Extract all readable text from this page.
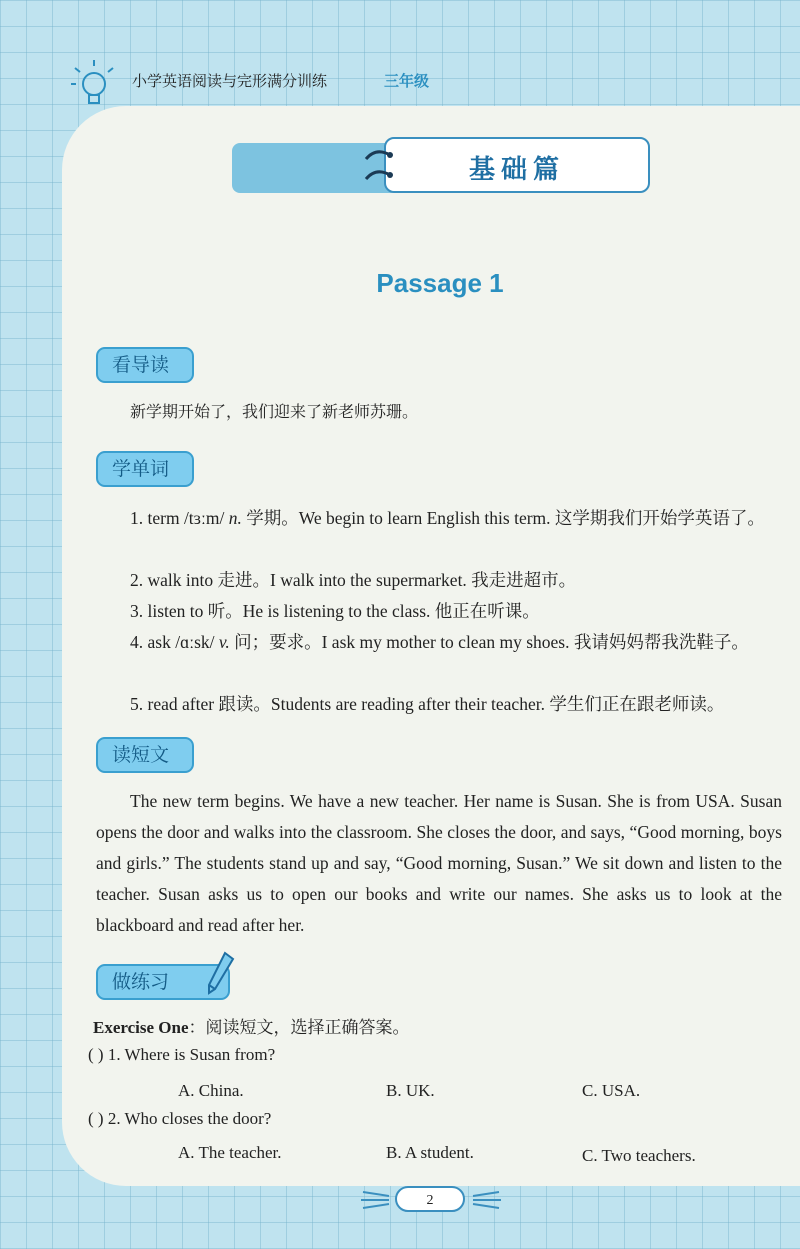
小学英语阅读与完形满分训练	三年级
基础篇
Passage 1
看导读
新学期开始了，我们迎来了新老师苏珊。
学单词
1. term /tɜːm/ n. 学期。We begin to learn English this term. 这学期我们开始学英语了。
2. walk into 走进。I walk into the supermarket. 我走进超市。
3. listen to 听。He is listening to the class. 他正在听课。
4. ask /ɑːsk/ v. 问；要求。I ask my mother to clean my shoes. 我请妈妈帮我洗鞋子。
5. read after 跟读。Students are reading after their teacher. 学生们正在跟老师读。
读短文
The new term begins. We have a new teacher. Her name is Susan. She is from USA. Susan opens the door and walks into the classroom. She closes the door, and says, “Good morning, boys and girls.” The students stand up and say, “Good morning, Susan.” We sit down and listen to the teacher. Susan asks us to open our books and write our names. She asks us to look at the blackboard and read after her.
做练习
Exercise One：阅读短文，选择正确答案。
( ) 1. Where is Susan from?
A. China.	B. UK.	C. USA.
( ) 2. Who closes the door?
A. The teacher.	B. A student.	C. Two teachers.
2
